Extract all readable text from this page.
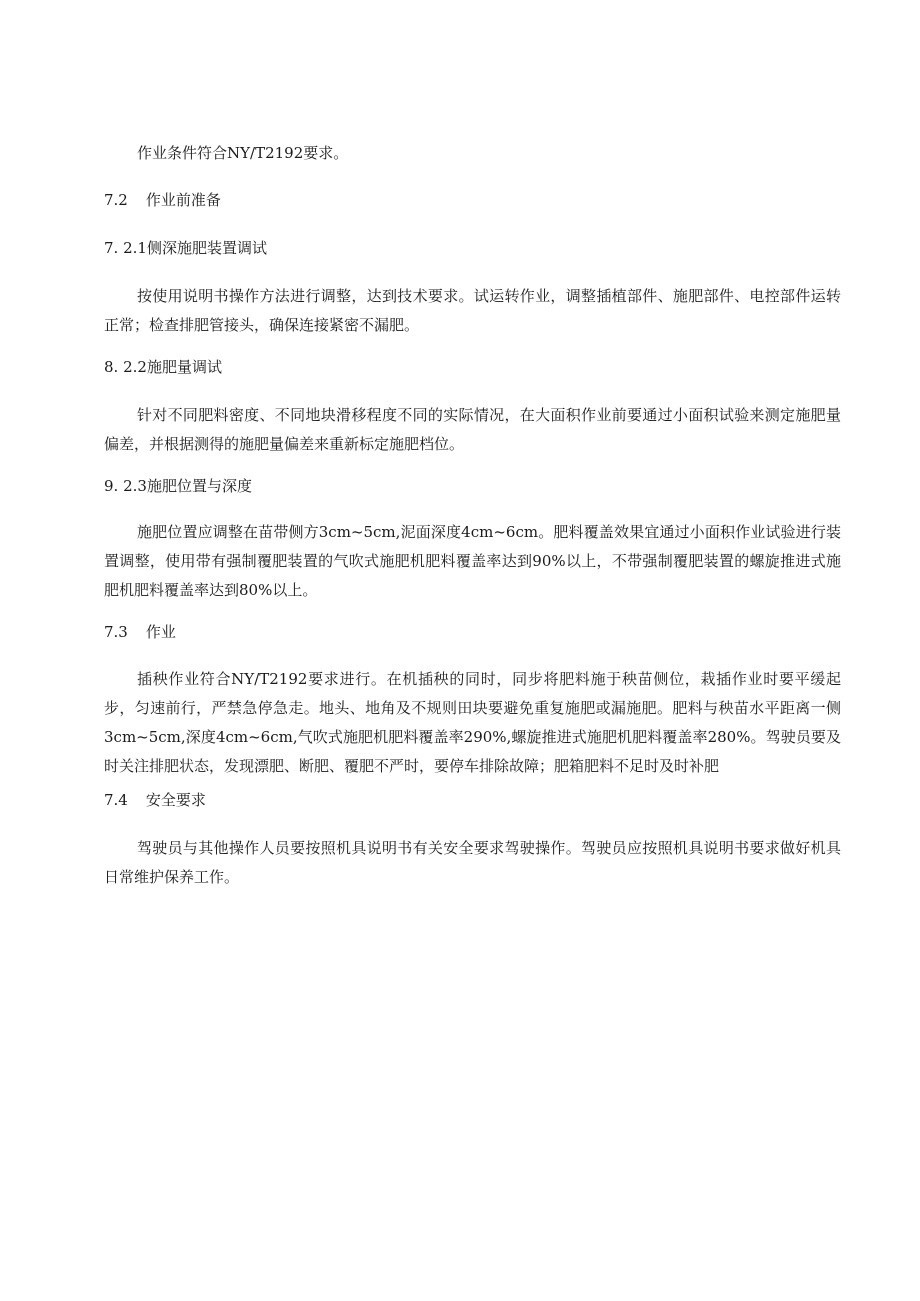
作业条件符合NY/T2192要求。
7.2 作业前准备
7. 2.1侧深施肥装置调试
按使用说明书操作方法进行调整，达到技术要求。试运转作业，调整插植部件、施肥部件、电控部件运转正常；检查排肥管接头，确保连接紧密不漏肥。
8. 2.2施肥量调试
针对不同肥料密度、不同地块滑移程度不同的实际情况，在大面积作业前要通过小面积试验来测定施肥量偏差，并根据测得的施肥量偏差来重新标定施肥档位。
9. 2.3施肥位置与深度
施肥位置应调整在苗带侧方3cm~5cm,泥面深度4cm~6cm。肥料覆盖效果宜通过小面积作业试验进行装置调整，使用带有强制覆肥装置的气吹式施肥机肥料覆盖率达到90%以上，不带强制覆肥装置的螺旋推进式施肥机肥料覆盖率达到80%以上。
7.3 作业
插秧作业符合NY/T2192要求进行。在机插秧的同时，同步将肥料施于秧苗侧位，栽插作业时要平缓起步，匀速前行，严禁急停急走。地头、地角及不规则田块要避免重复施肥或漏施肥。肥料与秧苗水平距离一侧3cm~5cm,深度4cm~6cm,气吹式施肥机肥料覆盖率290%,螺旋推进式施肥机肥料覆盖率280%。驾驶员要及时关注排肥状态，发现漂肥、断肥、覆肥不严时，要停车排除故障；肥箱肥料不足时及时补肥
7.4 安全要求
驾驶员与其他操作人员要按照机具说明书有关安全要求驾驶操作。驾驶员应按照机具说明书要求做好机具日常维护保养工作。
